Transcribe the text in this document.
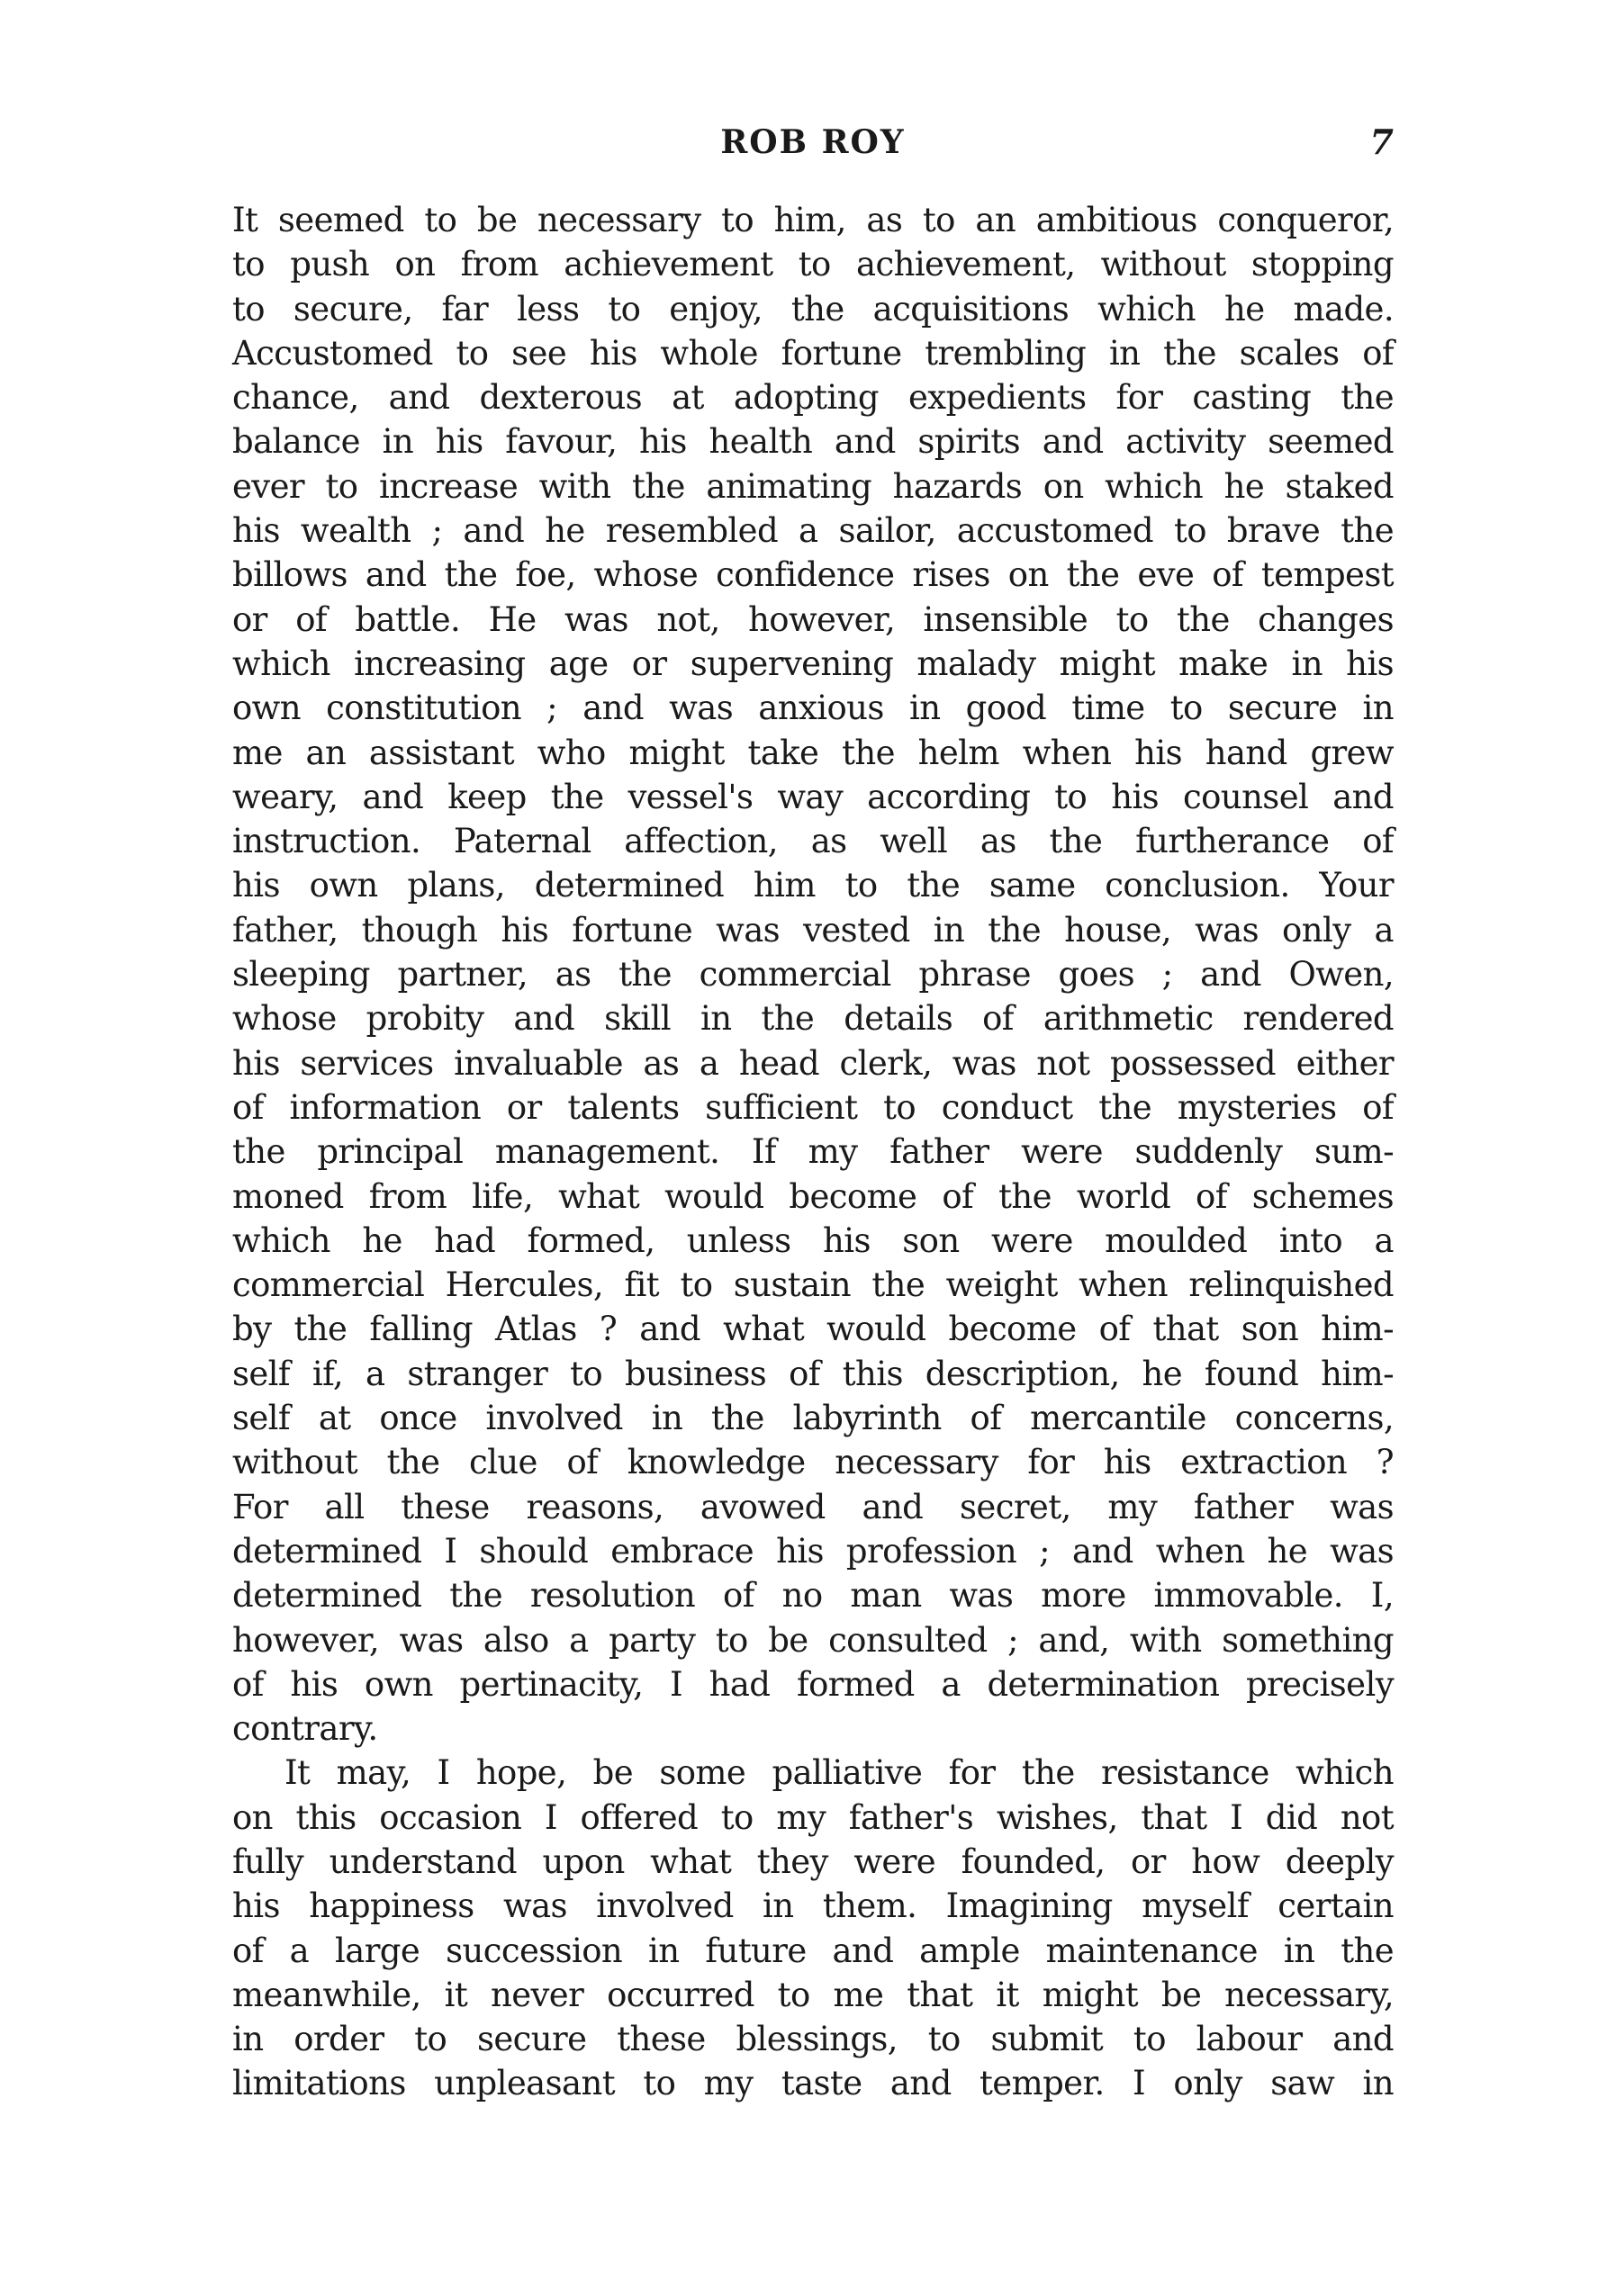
ROB ROY	7
It seemed to be necessary to him, as to an ambitious conqueror,
to push on from achievement to achievement, without stopping
to secure, far less to enjoy, the acquisitions which he made.
Accustomed to see his whole fortune trembling in the scales of
chance, and dexterous at adopting expedients for casting the
balance in his favour, his health and spirits and activity seemed
ever to increase with the animating hazards on which he staked
his wealth ; and he resembled a sailor, accustomed to brave the
billows and the foe, whose confidence rises on the eve of tempest
or of battle. He was not, however, insensible to the changes
which increasing age or supervening malady might make in his
own constitution ; and was anxious in good time to secure in
me an assistant who might take the helm when his hand grew
weary, and keep the vessel's way according to his counsel and
instruction. Paternal affection, as well as the furtherance of
his own plans, determined him to the same conclusion. Your
father, though his fortune was vested in the house, was only a
sleeping partner, as the commercial phrase goes ; and Owen,
whose probity and skill in the details of arithmetic rendered
his services invaluable as a head clerk, was not possessed either
of information or talents sufficient to conduct the mysteries of
the principal management. If my father were suddenly sum-
moned from life, what would become of the world of schemes
which he had formed, unless his son were moulded into a
commercial Hercules, fit to sustain the weight when relinquished
by the falling Atlas ? and what would become of that son him-
self if, a stranger to business of this description, he found him-
self at once involved in the labyrinth of mercantile concerns,
without the clue of knowledge necessary for his extraction ?
For all these reasons, avowed and secret, my father was
determined I should embrace his profession ; and when he was
determined the resolution of no man was more immovable. I,
however, was also a party to be consulted ; and, with something
of his own pertinacity, I had formed a determination precisely
contrary.
It may, I hope, be some palliative for the resistance which
on this occasion I offered to my father's wishes, that I did not
fully understand upon what they were founded, or how deeply
his happiness was involved in them. Imagining myself certain
of a large succession in future and ample maintenance in the
meanwhile, it never occurred to me that it might be necessary,
in order to secure these blessings, to submit to labour and
limitations unpleasant to my taste and temper. I only saw in
